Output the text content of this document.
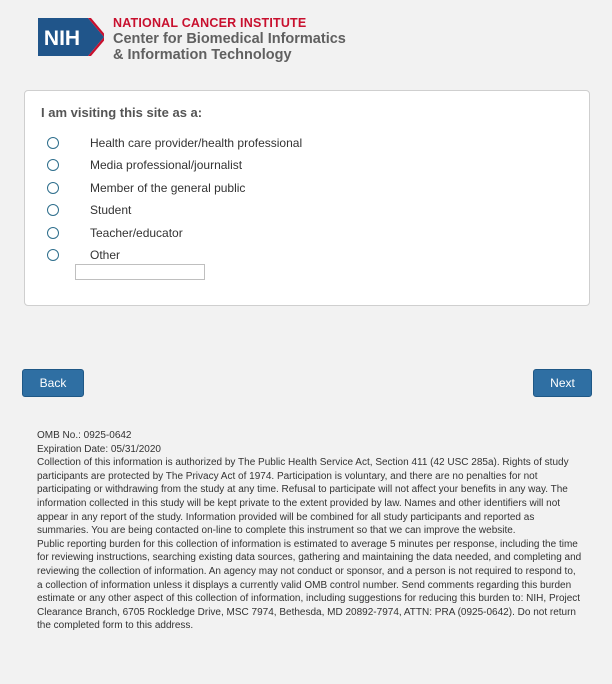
NIH
NATIONAL CANCER INSTITUTE
Center for Biomedical Informatics
& Information Technology
I am visiting this site as a:
Health care provider/health professional
Media professional/journalist
Member of the general public
Student
Teacher/educator
Other
Back	Next

OMB No.: 0925-0642

Expiration Date: 05/31/2020

Collection of this information is authorized by The Public Health Service Act, Section 411 (42 USC 285a). Rights of study participants are protected by The Privacy Act of 1974. Participation is voluntary, and there are no penalties for not participating or withdrawing from the study at any time. Refusal to participate will not affect your benefits in any way. The information collected in this study will be kept private to the extent provided by law. Names and other identifiers will not appear in any report of the study. Information provided will be combined for all study participants and reported as summaries. You are being contacted on-line to complete this instrument so that we can improve the website.

Public reporting burden for this collection of information is estimated to average 5 minutes per response, including the time for reviewing instructions, searching existing data sources, gathering and maintaining the data needed, and completing and reviewing the collection of information. An agency may not conduct or sponsor, and a person is not required to respond to, a collection of information unless it displays a currently valid OMB control number. Send comments regarding this burden estimate or any other aspect of this collection of information, including suggestions for reducing this burden to: NIH, Project Clearance Branch, 6705 Rockledge Drive, MSC 7974, Bethesda, MD 20892-7974, ATTN: PRA (0925-0642). Do not return the completed form to this address.
